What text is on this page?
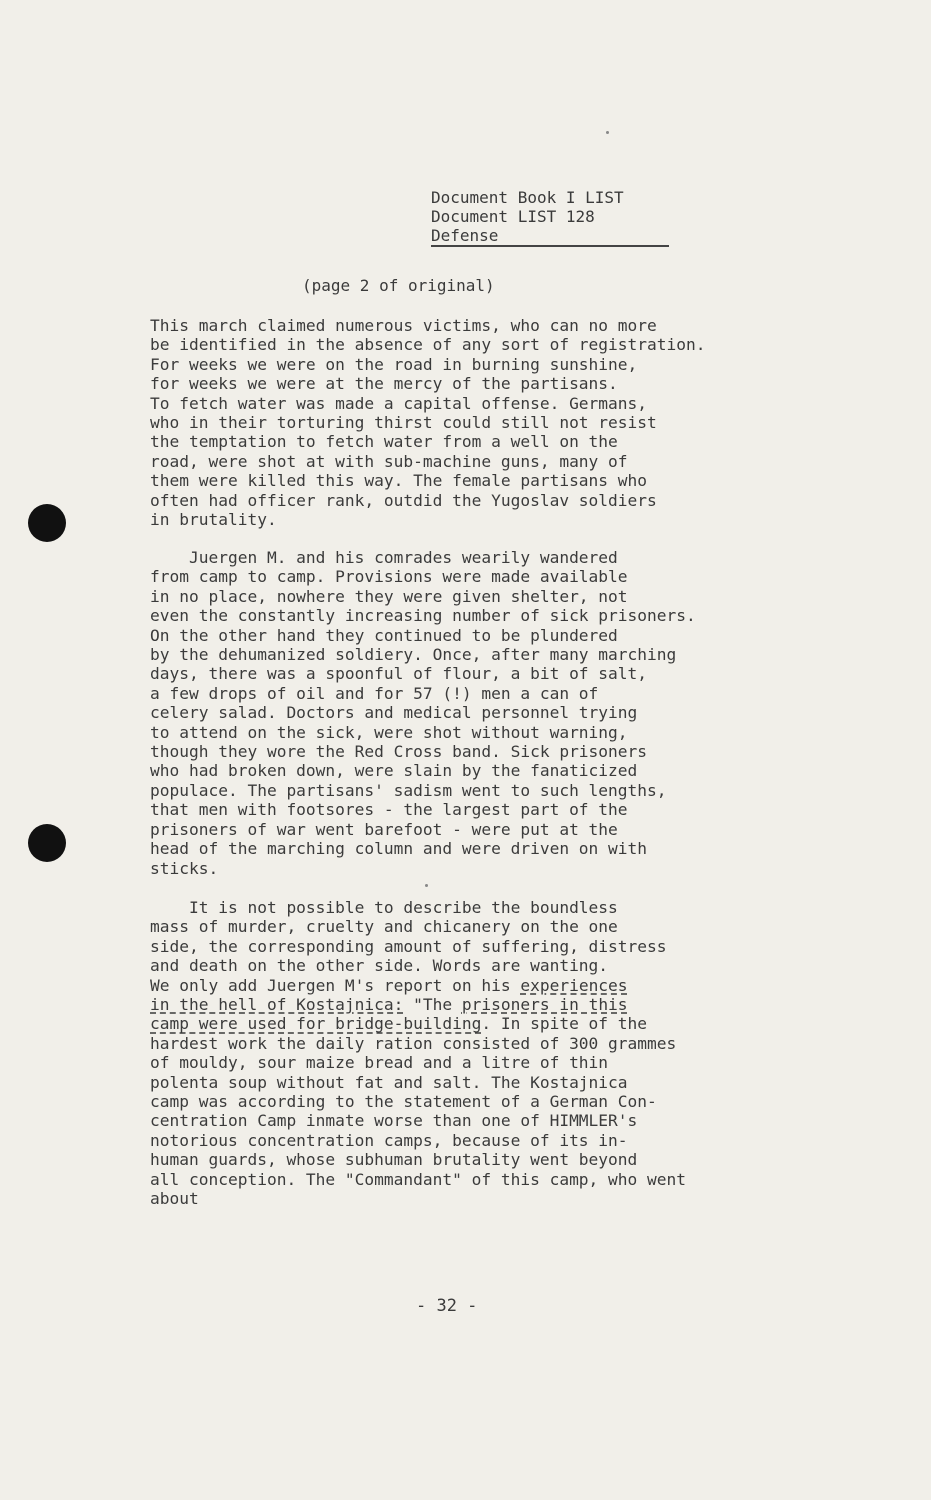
Document Book I LIST
Document LIST 128
Defense
(page 2 of original)
This march claimed numerous victims, who can no more
be identified in the absence of any sort of registration.
For weeks we were on the road in burning sunshine,
for weeks we were at the mercy of the partisans.
To fetch water was made a capital offense. Germans,
who in their torturing thirst could still not resist
the temptation to fetch water from a well on the
road, were shot at with sub-machine guns, many of
them were killed this way. The female partisans who
often had officer rank, outdid the Yugoslav soldiers
in brutality.
Juergen M. and his comrades wearily wandered
from camp to camp. Provisions were made available
in no place, nowhere they were given shelter, not
even the constantly increasing number of sick prisoners.
On the other hand they continued to be plundered
by the dehumanized soldiery. Once, after many marching
days, there was a spoonful of flour, a bit of salt,
a few drops of oil and for 57 (!) men a can of
celery salad. Doctors and medical personnel trying
to attend on the sick, were shot without warning,
though they wore the Red Cross band. Sick prisoners
who had broken down, were slain by the fanaticized
populace. The partisans' sadism went to such lengths,
that men with footsores - the largest part of the
prisoners of war went barefoot - were put at the
head of the marching column and were driven on with
sticks.
It is not possible to describe the boundless
mass of murder, cruelty and chicanery on the one
side, the corresponding amount of suffering, distress
and death on the other side. Words are wanting.
We only add Juergen M's report on his experiences
in the hell of Kostajnica: "The prisoners in this
camp were used for bridge-building. In spite of the
hardest work the daily ration consisted of 300 grammes
of mouldy, sour maize bread and a litre of thin
polenta soup without fat and salt. The Kostajnica
camp was according to the statement of a German Con-
centration Camp inmate worse than one of HIMMLER's
notorious concentration camps, because of its in-
human guards, whose subhuman brutality went beyond
all conception. The "Commandant" of this camp, who went
about
- 32 -
